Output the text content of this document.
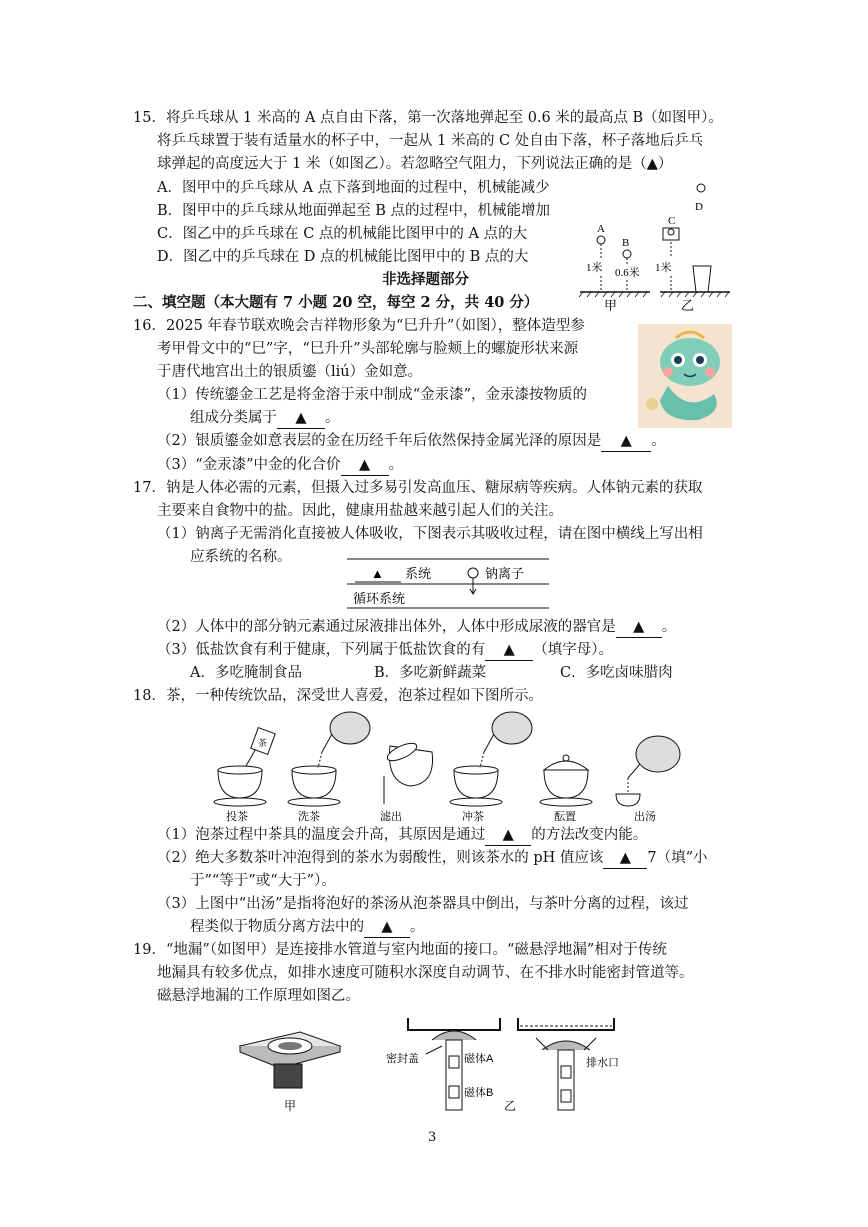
15．将乒乓球从 1 米高的 A 点自由下落，第一次落地弹起至 0.6 米的最高点 B（如图甲）。
将乒乓球置于装有适量水的杯子中，一起从 1 米高的 C 处自由下落，杯子落地后乒乓
球弹起的高度远大于 1 米（如图乙）。若忽略空气阻力，下列说法正确的是（▲）
A．图甲中的乒乓球从 A 点下落到地面的过程中，机械能减少
B．图甲中的乒乓球从地面弹起至 B 点的过程中，机械能增加
C．图乙中的乒乓球在 C 点的机械能比图甲中的 A 点的大
D．图乙中的乒乓球在 D 点的机械能比图甲中的 B 点的大
A
1米
B
0.6米
D
C
1米
甲	乙
非选择题部分
二、填空题（本大题有 7 小题 20 空，每空 2 分，共 40 分）
16．2025 年春节联欢晚会吉祥物形象为“巳升升”（如图），整体造型参
考甲骨文中的“巳”字，“巳升升”头部轮廓与脸颊上的螺旋形状来源
于唐代地宫出土的银质鎏（liú）金如意。
（1）传统鎏金工艺是将金溶于汞中制成“金汞漆”，金汞漆按物质的
组成分类属于 ▲ 。
（2）银质鎏金如意表层的金在历经千年后依然保持金属光泽的原因是 ▲ 。
（3）“金汞漆”中金的化合价 ▲ 。
17．钠是人体必需的元素，但摄入过多易引发高血压、糖尿病等疾病。人体钠元素的获取
主要来自食物中的盐。因此，健康用盐越来越引起人们的关注。
（1）钠离子无需消化直接被人体吸收，下图表示其吸收过程，请在图中横线上写出相
应系统的名称。
▲ 系统	钠离子
循环系统
（2）人体中的部分钠元素通过尿液排出体外，人体中形成尿液的器官是 ▲ 。
（3）低盐饮食有利于健康，下列属于低盐饮食的有 ▲ （填字母）。
A．多吃腌制食品	B．多吃新鲜蔬菜	C．多吃卤味腊肉
18．茶，一种传统饮品，深受世人喜爱，泡茶过程如下图所示。
茶
投茶	洗茶	滤出	冲茶	酝置	出汤
（1）泡茶过程中茶具的温度会升高，其原因是通过 ▲ 的方法改变内能。
（2）绝大多数茶叶冲泡得到的茶水为弱酸性，则该茶水的 pH 值应该 ▲ 7（填“小
于”“等于”或“大于”）。
（3）上图中“出汤”是指将泡好的茶汤从泡茶器具中倒出，与茶叶分离的过程，该过
程类似于物质分离方法中的 ▲ 。
19．“地漏”（如图甲）是连接排水管道与室内地面的接口。“磁悬浮地漏”相对于传统
地漏具有较多优点，如排水速度可随积水深度自动调节、在不排水时能密封管道等。
磁悬浮地漏的工作原理如图乙。
甲
密封盖	磁体A
磁体B
乙
排水口
3
